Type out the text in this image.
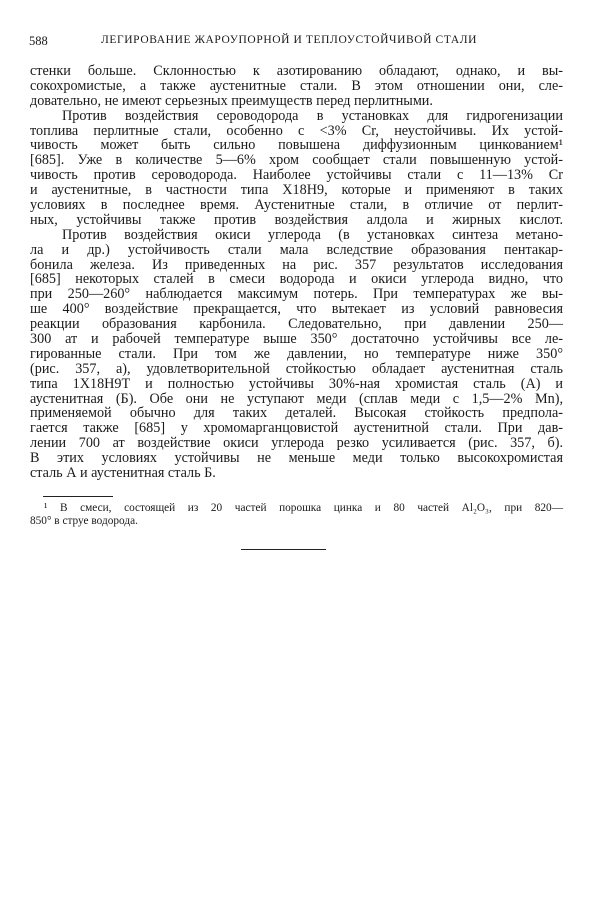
588	ЛЕГИРОВАНИЕ ЖАРОУПОРНОЙ И ТЕПЛОУСТОЙЧИВОЙ СТАЛИ
стенки больше. Склонностью к азотированию обладают, однако, и вы-
сокохромистые, а также аустенитные стали. В этом отношении они, сле-
довательно, не имеют серьезных преимуществ перед перлитными.
Против воздействия сероводорода в установках для гидрогенизации
топлива перлитные стали, особенно с <3% Cr, неустойчивы. Их устой-
чивость может быть сильно повышена диффузионным цинкованием¹
[685]. Уже в количестве 5—6% хром сообщает стали повышенную устой-
чивость против сероводорода. Наиболее устойчивы стали с 11—13% Cr
и аустенитные, в частности типа Х18Н9, которые и применяют в таких
условиях в последнее время. Аустенитные стали, в отличие от перлит-
ных, устойчивы также против воздействия алдола и жирных кислот.
Против воздействия окиси углерода (в установках синтеза метано-
ла и др.) устойчивость стали мала вследствие образования пентакар-
бонила железа. Из приведенных на рис. 357 результатов исследования
[685] некоторых сталей в смеси водорода и окиси углерода видно, что
при 250—260° наблюдается максимум потерь. При температурах же вы-
ше 400° воздействие прекращается, что вытекает из условий равновесия
реакции образования карбонила. Следовательно, при давлении 250—
300 ат и рабочей температуре выше 350° достаточно устойчивы все ле-
гированные стали. При том же давлении, но температуре ниже 350°
(рис. 357, а), удовлетворительной стойкостью обладает аустенитная сталь
типа 1Х18Н9Т и полностью устойчивы 30%-ная хромистая сталь (А) и
аустенитная (Б). Обе они не уступают меди (сплав меди с 1,5—2% Mn),
применяемой обычно для таких деталей. Высокая стойкость предпола-
гается также [685] у хромомарганцовистой аустенитной стали. При дав-
лении 700 ат воздействие окиси углерода резко усиливается (рис. 357, б).
В этих условиях устойчивы не меньше меди только высокохромистая
сталь А и аустенитная сталь Б.
¹ В смеси, состоящей из 20 частей порошка цинка и 80 частей Al₂O₃, при 820—
850° в струе водорода.
